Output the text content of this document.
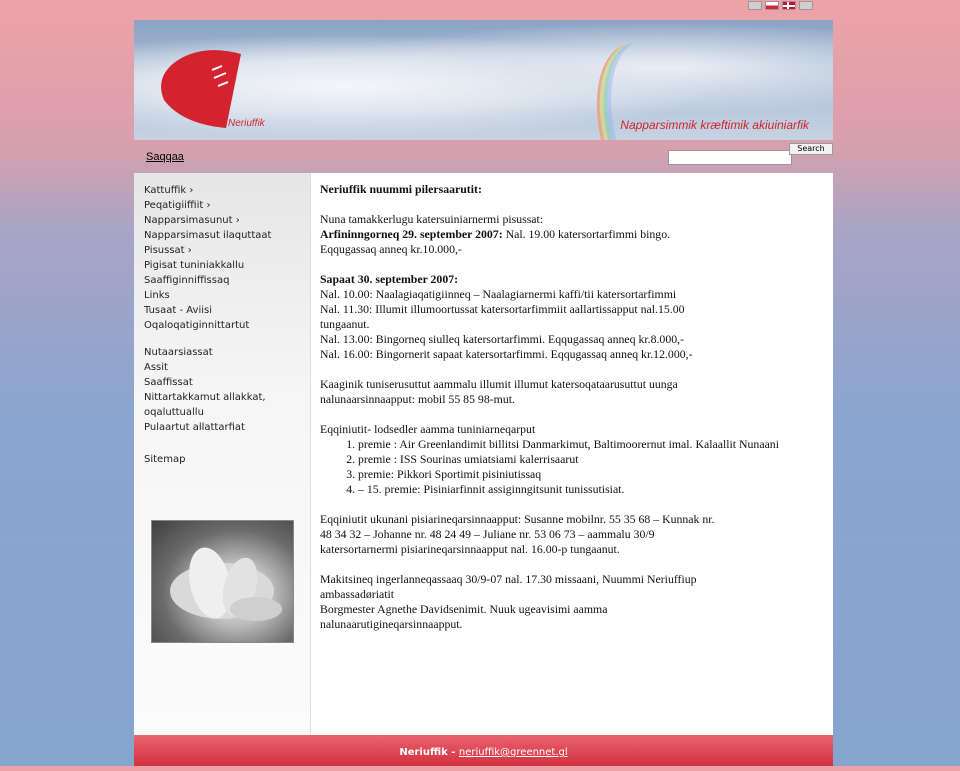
Neriuffik	Napparsimmik kræftimik akiuiniarfik
Saqqaa
Search
Kattuffik ›
Peqatigiiffiit ›
Napparsimasunut ›
Napparsimasut ilaquttaat
Pisussat ›
Pigisat tuniniakkallu
Saaffiginniffissaq
Links
Tusaat - Aviisi
Oqaloqatiginnittartut
Nutaarsiassat
Assit
Saaffissat
Nittartakkamut allakkat,
oqaluttuallu
Pulaartut allattarfiat
Sitemap

Neriuffik nuummi pilersaarutit:

Nuna tamakkerlugu katersuiniarnermi pisussat:

Arfininngorneq 29. september 2007: Nal. 19.00 katersortarfimmi bingo.

Eqqugassaq anneq kr.10.000,-

Sapaat 30. september 2007:

Nal. 10.00: Naalagiaqatigiinneq – Naalagiarnermi kaffi/tii katersortarfimmi

Nal. 11.30: Illumit illumoortussat katersortarfimmiit aallartissapput nal.15.00

tungaanut.

Nal. 13.00: Bingorneq siulleq katersortarfimmi. Eqqugassaq anneq kr.8.000,-

Nal. 16.00: Bingornerit sapaat katersortarfimmi. Eqqugassaq anneq kr.12.000,-

Kaaginik tuniserusuttut aammalu illumit illumut katersoqataarusuttut uunga

nalunaarsinnaapput: mobil 55 85 98-mut.

Eqqiniutit- lodsedler aamma tuniniarneqarput

1. premie : Air Greenlandimit billitsi Danmarkimut, Baltimoorernut imal. Kalaallit Nunaani
2. premie : ISS Sourinas umiatsiami kalerrisaarut
3. premie: Pikkori Sportimit pisiniutissaq
4. – 15. premie: Pisiniarfinnit assiginngitsunit tunissutisiat.

Eqqiniutit ukunani pisiarineqarsinnaapput: Susanne mobilnr. 55 35 68 – Kunnak nr.

48 34 32 – Johanne nr. 48 24 49 – Juliane nr. 53 06 73 – aammalu 30/9

katersortarnermi pisiarineqarsinnaapput nal. 16.00-p tungaanut.

Makitsineq ingerlanneqassaaq 30/9-07 nal. 17.30 missaani, Nuummi Neriuffiup

ambassadøriatit

Borgmester Agnethe Davidsenimit. Nuuk ugeavisimi aamma

nalunaarutigineqarsinnaapput.

Neriuffik - neriuffik@greennet.gl
